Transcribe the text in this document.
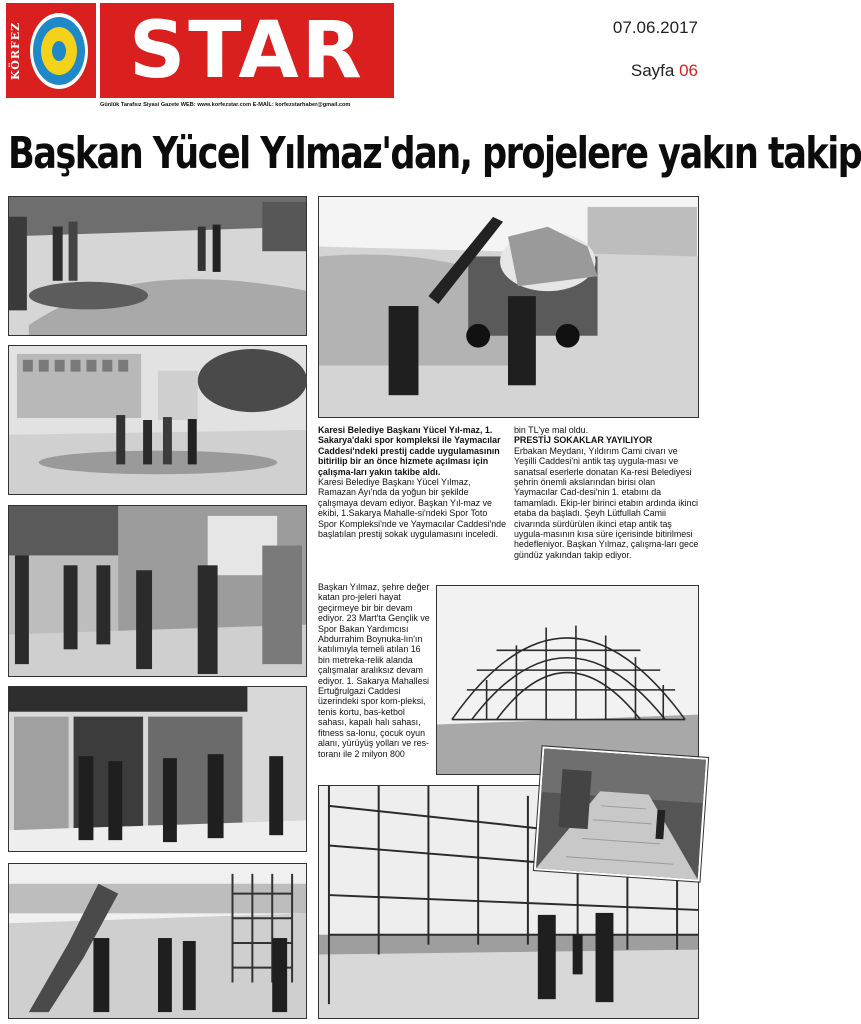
KÖRFEZ	STAR
Günlük Tarafsız Siyasi Gazete WEB: www.korfezstar.com E-MAİL: korfezstarhaber@gmail.com
07.06.2017
Sayfa 06
Başkan Yücel Yılmaz'dan, projelere yakın takip

Karesi Belediye Başkanı Yücel Yıl-maz, 1. Sakarya'daki spor kompleksi ile Yaymacılar Caddesi'ndeki prestij cadde uygulamasının bitirilip bir an önce hizmete açılması için çalışma-ları yakın takibe aldı.

Karesi Belediye Başkanı Yücel Yılmaz, Ramazan Ayı'nda da yoğun bir şekilde çalışmaya devam ediyor. Başkan Yıl-maz ve ekibi, 1.Sakarya Mahalle-si'ndeki Spor Toto Spor Kompleksi'nde ve Yaymacılar Caddesi'nde başlatılan prestij sokak uygulamasını inceledi.

Başkan Yılmaz, şehre değer katan pro-jeleri hayat geçirmeye bir bir devam ediyor. 23 Mart'ta Gençlik ve Spor Bakan Yardımcısı Abdurrahim Boynuka-lın'ın katılımıyla temeli atılan 16 bin metreka-relik alanda çalışmalar aralıksız devam ediyor. 1. Sakarya Mahallesi Ertuğrulgazi Caddesi üzerindeki spor kom-pleksi, tenis kortu, bas-ketbol sahası, kapalı halı sahası, fitness sa-lonu, çocuk oyun alanı, yürüyüş yolları ve res-toranı ile 2 milyon 800

bin TL'ye mal oldu.

PRESTİJ SOKAKLAR YAYILIYOR

Erbakan Meydanı, Yıldırım Cami civarı ve Yeşilli Caddesi'ni antik taş uygula-ması ve sanatsal eserlerle donatan Ka-resi Belediyesi şehrin önemli akslarından birisi olan Yaymacılar Cad-desi'nin 1. etabını da tamamladı. Ekip-ler birinci etabın ardında ikinci etaba da başladı. Şeyh Lütfullah Camii civarında sürdürülen ikinci etap antik taş uygula-masının kısa süre içerisinde bitirilmesi hedefleniyor. Başkan Yılmaz, çalışma-ları gece gündüz yakından takip ediyor.
